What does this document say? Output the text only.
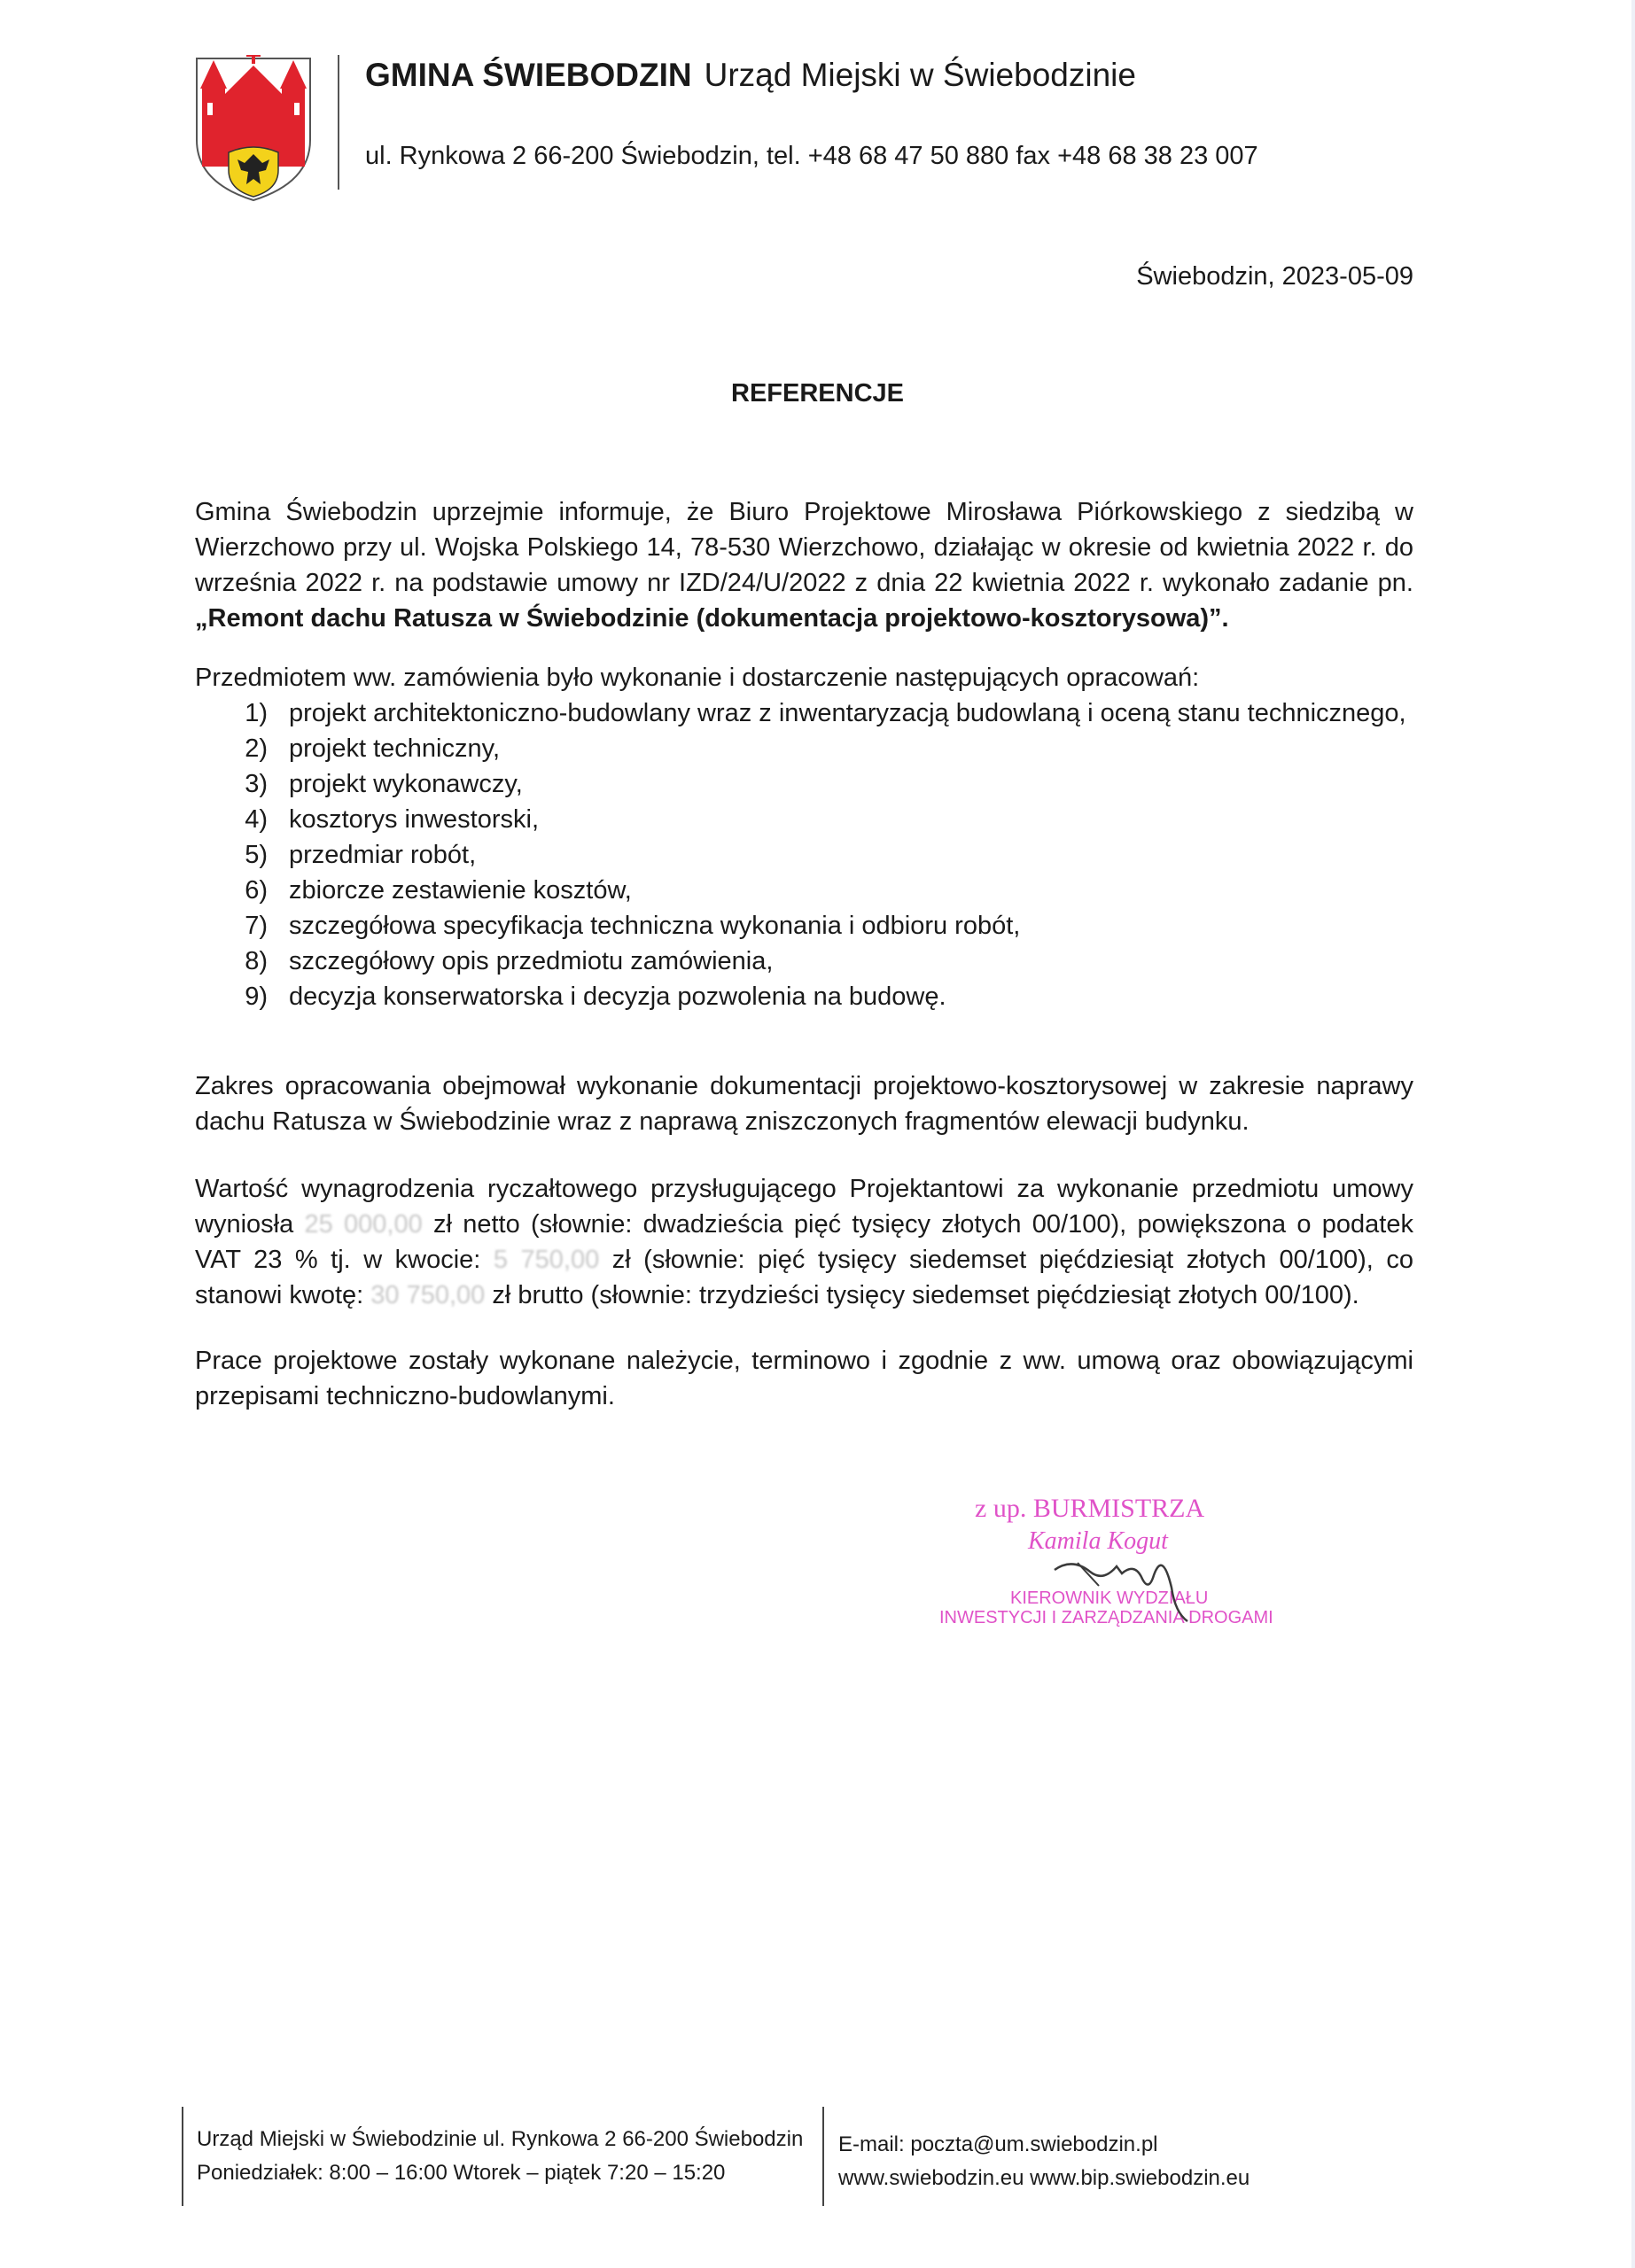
GMINA ŚWIEBODZIN Urząd Miejski w Świebodzinie
ul. Rynkowa 2 66-200 Świebodzin, tel. +48 68 47 50 880 fax +48 68 38 23 007
Świebodzin, 2023-05-09
REFERENCJE

Gmina Świebodzin uprzejmie informuje, że Biuro Projektowe Mirosława Piórkowskiego z siedzibą w Wierzchowo przy ul. Wojska Polskiego 14, 78-530 Wierzchowo, działając w okresie od kwietnia 2022 r. do września 2022 r. na podstawie umowy nr IZD/24/U/2022 z dnia 22 kwietnia 2022 r. wykonało zadanie pn. „Remont dachu Ratusza w Świebodzinie (dokumentacja projektowo-kosztorysowa)”.

Przedmiotem ww. zamówienia było wykonanie i dostarczenie następujących opracowań:

1) projekt architektoniczno-budowlany wraz z inwentaryzacją budowlaną i oceną stanu technicznego,
2) projekt techniczny,
3) projekt wykonawczy,
4) kosztorys inwestorski,
5) przedmiar robót,
6) zbiorcze zestawienie kosztów,
7) szczegółowa specyfikacja techniczna wykonania i odbioru robót,
8) szczegółowy opis przedmiotu zamówienia,
9) decyzja konserwatorska i decyzja pozwolenia na budowę.

Zakres opracowania obejmował wykonanie dokumentacji projektowo-kosztorysowej w zakresie naprawy dachu Ratusza w Świebodzinie wraz z naprawą zniszczonych fragmentów elewacji budynku.

Wartość wynagrodzenia ryczałtowego przysługującego Projektantowi za wykonanie przedmiotu umowy wyniosła 25 000,00 zł netto (słownie: dwadzieścia pięć tysięcy złotych 00/100), powiększona o podatek VAT 23 % tj. w kwocie: 5 750,00 zł (słownie: pięć tysięcy siedemset pięćdziesiąt złotych 00/100), co stanowi kwotę: 30 750,00 zł brutto (słownie: trzydzieści tysięcy siedemset pięćdziesiąt złotych 00/100).

Prace projektowe zostały wykonane należycie, terminowo i zgodnie z ww. umową oraz obowiązującymi przepisami techniczno-budowlanymi.

z up. BURMISTRZA
Kamila Kogut
KIEROWNIK WYDZIAŁU
INWESTYCJI I ZARZĄDZANIA DROGAMI
Urząd Miejski w Świebodzinie ul. Rynkowa 2 66-200 Świebodzin
Poniedziałek: 8:00 – 16:00 Wtorek – piątek 7:20 – 15:20
E-mail: poczta@um.swiebodzin.pl
www.swiebodzin.eu www.bip.swiebodzin.eu
